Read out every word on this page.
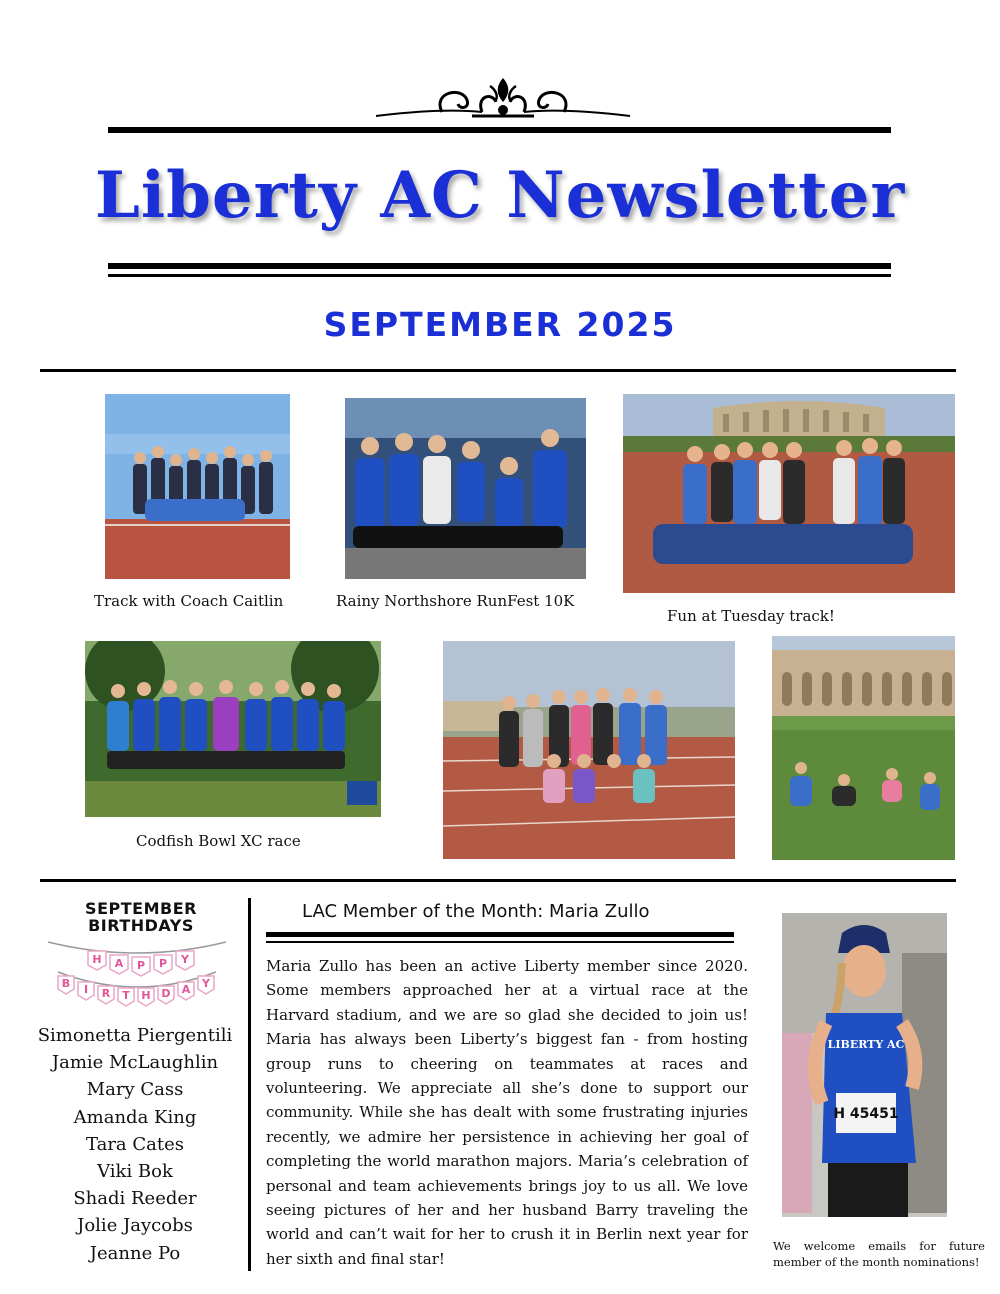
Liberty AC Newsletter
SEPTEMBER 2025
Track with Coach Caitlin	Rainy Northshore RunFest 10K
Fun at Tuesday track!
Codfish Bowl XC race
SEPTEMBER
BIRTHDAYS
H A P P Y
B I R T H D A Y
Simonetta Piergentili
Jamie McLaughlin
Mary Cass
Amanda King
Tara Cates
Viki Bok
Shadi Reeder
Jolie Jaycobs
Jeanne Po
LAC Member of the Month: Maria Zullo

Maria Zullo has been an active Liberty member since 2020. Some members approached her at a virtual race at the Harvard stadium, and we are so glad she decided to join us! Maria has always been Liberty’s biggest fan - from hosting group runs to cheering on teammates at races and volunteering. We appreciate all she’s done to support our community. While she has dealt with some frustrating injuries recently, we admire her persistence in achieving her goal of completing the world marathon majors. Maria’s celebration of personal and team achievements brings joy to us all. We love seeing pictures of her and her husband Barry traveling the world and can’t wait for her to crush it in Berlin next year for her sixth and final star!

H 45451
LIBERTY AC

We welcome emails for future member of the month nominations!
